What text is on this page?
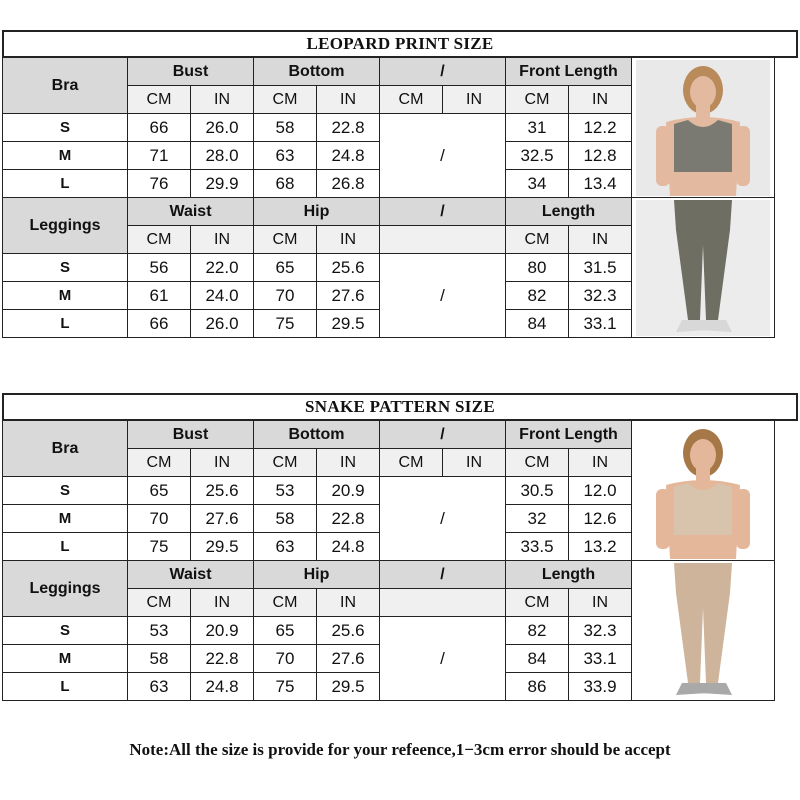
LEOPARD PRINT SIZE
Bra	Bust		Bottom		/		Front Length	

	CM	IN	CM	IN	CM	IN	CM	IN	
S	66	26.0	58	22.8	/		31	12.2	
M	71	28.0	63	24.8			32.5	12.8	
L	76	29.9	68	26.8			34	13.4	
Leggings	Waist		Hip		/		Length	

	CM	IN	CM	IN			CM	IN	
S	56	22.0	65	25.6	/		80	31.5	
M	61	24.0	70	27.6			82	32.3	
L	66	26.0	75	29.5			84	33.1	
SNAKE PATTERN SIZE
Bra	Bust		Bottom		/		Front Length	

	CM	IN	CM	IN	CM	IN	CM	IN	
S	65	25.6	53	20.9	/		30.5	12.0	
M	70	27.6	58	22.8			32	12.6	
L	75	29.5	63	24.8			33.5	13.2	
Leggings	Waist		Hip		/		Length	

	CM	IN	CM	IN			CM	IN	
S	53	20.9	65	25.6	/		82	32.3	
M	58	22.8	70	27.6			84	33.1	
L	63	24.8	75	29.5			86	33.9	
Note:All the size is provide for your refeence,1−3cm error should be accept
